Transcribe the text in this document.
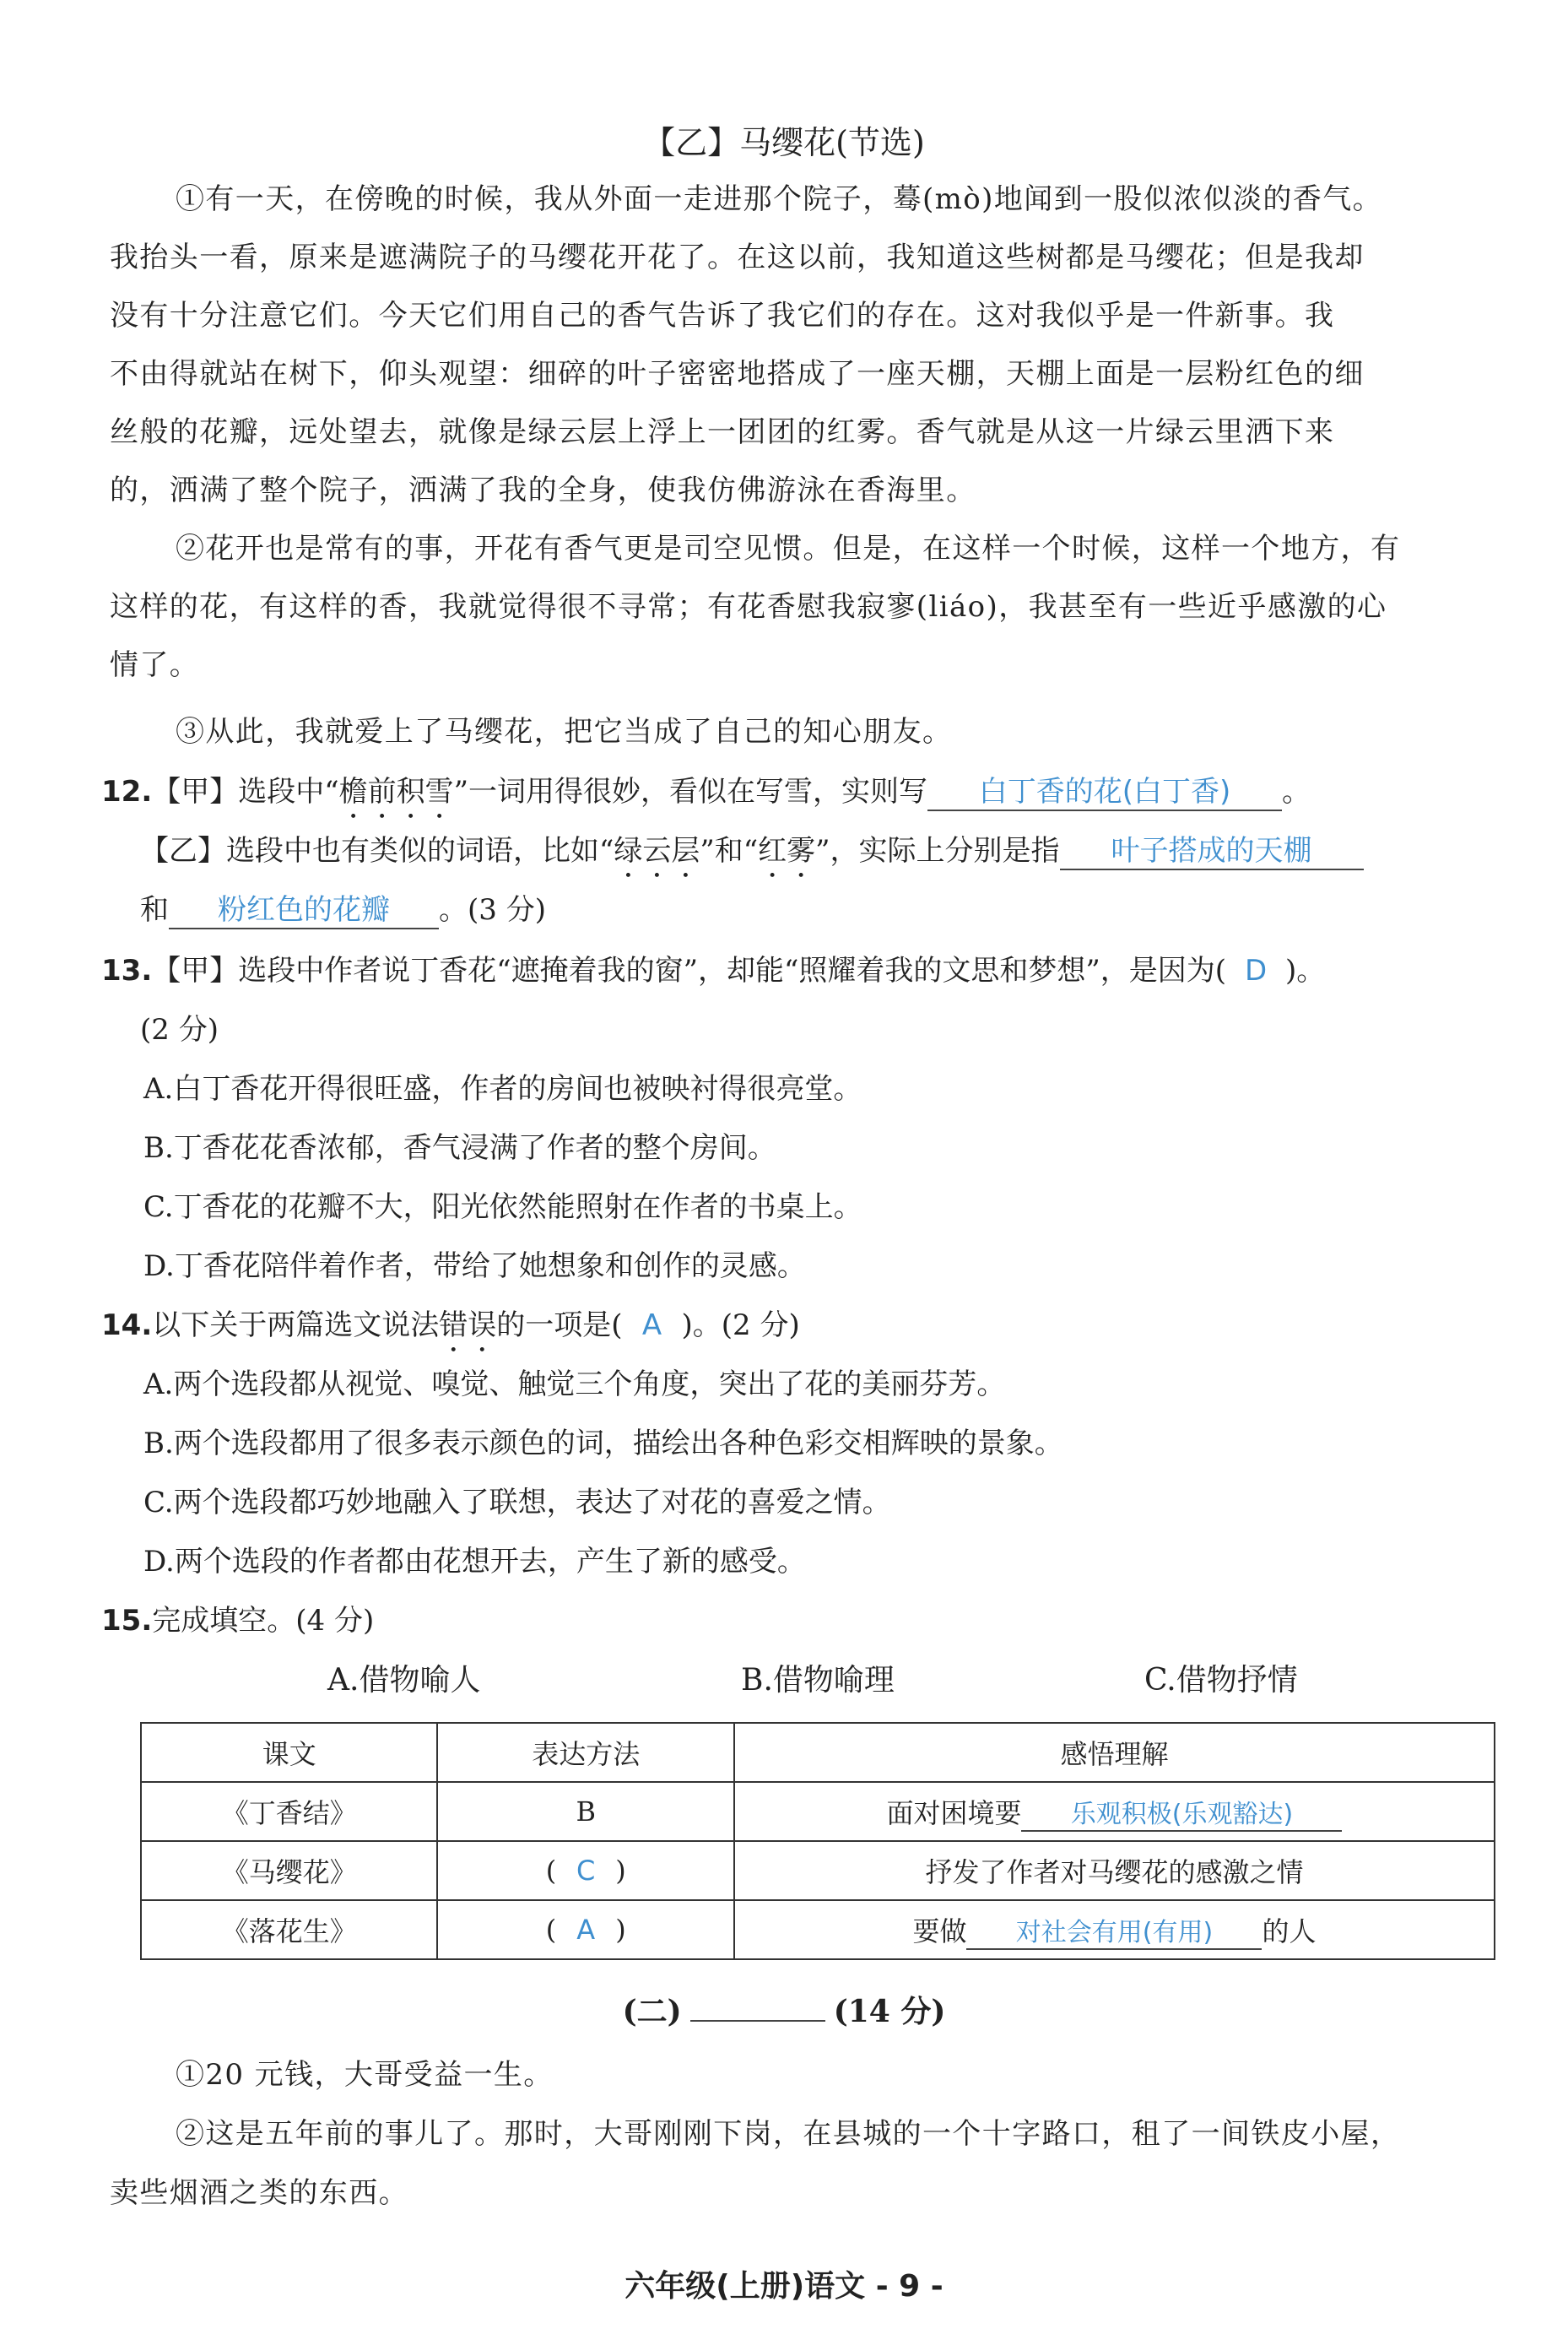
【乙】马缨花(节选)
①有一天，在傍晚的时候，我从外面一走进那个院子，蓦(mò)地闻到一股似浓似淡的香气。
我抬头一看，原来是遮满院子的马缨花开花了。在这以前，我知道这些树都是马缨花；但是我却
没有十分注意它们。今天它们用自己的香气告诉了我它们的存在。这对我似乎是一件新事。我
不由得就站在树下，仰头观望：细碎的叶子密密地搭成了一座天棚，天棚上面是一层粉红色的细
丝般的花瓣，远处望去，就像是绿云层上浮上一团团的红雾。香气就是从这一片绿云里洒下来
的，洒满了整个院子，洒满了我的全身，使我仿佛游泳在香海里。
②花开也是常有的事，开花有香气更是司空见惯。但是，在这样一个时候，这样一个地方，有
这样的花，有这样的香，我就觉得很不寻常；有花香慰我寂寥(liáo)，我甚至有一些近乎感激的心
情了。
③从此，我就爱上了马缨花，把它当成了自己的知心朋友。
12.【甲】选段中“檐前积雪”一词用得很妙，看似在写雪，实则写 白丁香的花(白丁香) 。
【乙】选段中也有类似的词语，比如“绿云层”和“红雾”，实际上分别是指 叶子搭成的天棚
和 粉红色的花瓣 。(3 分)
13.【甲】选段中作者说丁香花“遮掩着我的窗”，却能“照耀着我的文思和梦想”，是因为( D )。
(2 分)
A.白丁香花开得很旺盛，作者的房间也被映衬得很亮堂。
B.丁香花花香浓郁，香气浸满了作者的整个房间。
C.丁香花的花瓣不大，阳光依然能照射在作者的书桌上。
D.丁香花陪伴着作者，带给了她想象和创作的灵感。
14.以下关于两篇选文说法错误的一项是( A )。(2 分)
A.两个选段都从视觉、嗅觉、触觉三个角度，突出了花的美丽芬芳。
B.两个选段都用了很多表示颜色的词，描绘出各种色彩交相辉映的景象。
C.两个选段都巧妙地融入了联想，表达了对花的喜爱之情。
D.两个选段的作者都由花想开去，产生了新的感受。
15.完成填空。(4 分)
A.借物喻人	B.借物喻理	C.借物抒情
课文	表达方法	感悟理解
《丁香结》	B	面对困境要 乐观积极(乐观豁达)
《马缨花》	( C )	抒发了作者对马缨花的感激之情
《落花生》	( A )	要做 对社会有用(有用) 的人
(二)	(14 分)
①20 元钱，大哥受益一生。
②这是五年前的事儿了。那时，大哥刚刚下岗，在县城的一个十字路口，租了一间铁皮小屋，
卖些烟酒之类的东西。
六年级(上册)语文 - 9 -
